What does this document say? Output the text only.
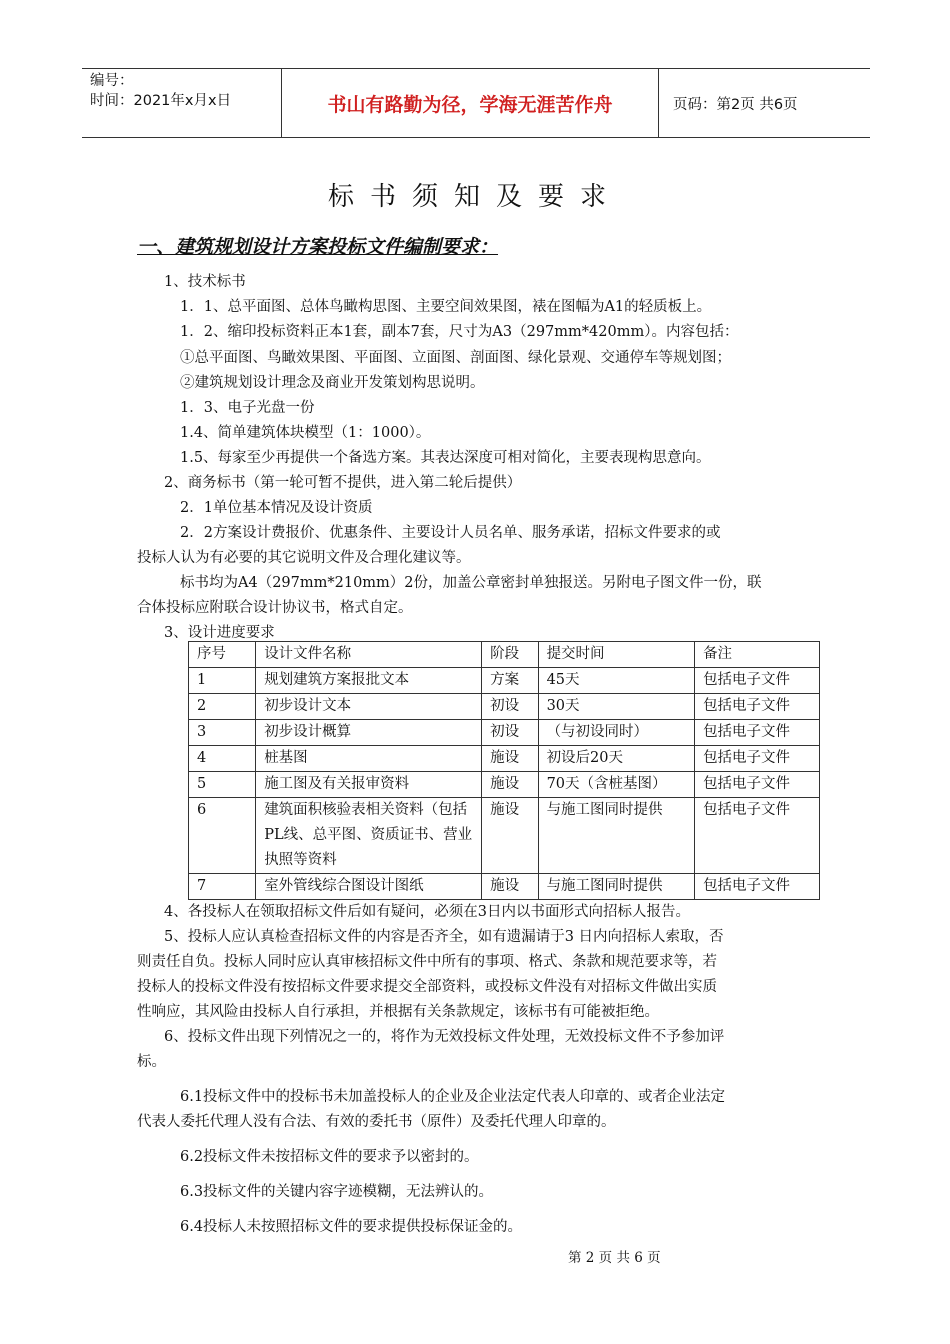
编号：
时间：2021年x月x日	书山有路勤为径，学海无涯苦作舟	页码：第2页 共6页
标书须知及要求
一、建筑规划设计方案投标文件编制要求：
1、技术标书
1．1、总平面图、总体鸟瞰构思图、主要空间效果图，裱在图幅为A1的轻质板上。
1．2、缩印投标资料正本1套，副本7套，尺寸为A3（297mm*420mm）。内容包括：
①总平面图、鸟瞰效果图、平面图、立面图、剖面图、绿化景观、交通停车等规划图；
②建筑规划设计理念及商业开发策划构思说明。
1．3、电子光盘一份
1.4、简单建筑体块模型（1：1000）。
1.5、每家至少再提供一个备选方案。其表达深度可相对简化，主要表现构思意向。
2、商务标书（第一轮可暂不提供，进入第二轮后提供）
2．1单位基本情况及设计资质
2．2方案设计费报价、优惠条件、主要设计人员名单、服务承诺，招标文件要求的或
投标人认为有必要的其它说明文件及合理化建议等。
标书均为A4（297mm*210mm）2份，加盖公章密封单独报送。另附电子图文件一份，联
合体投标应附联合设计协议书，格式自定。
3、设计进度要求
序号	设计文件名称	阶段	提交时间	备注
1	规划建筑方案报批文本	方案	45天	包括电子文件
2	初步设计文本	初设	30天	包括电子文件
3	初步设计概算	初设	（与初设同时）	包括电子文件
4	桩基图	施设	初设后20天	包括电子文件
5	施工图及有关报审资料	施设	70天（含桩基图）	包括电子文件
6	建筑面积核验表相关资料（包括PL线、总平图、资质证书、营业执照等资料	施设	与施工图同时提供	包括电子文件
7	室外管线综合图设计图纸	施设	与施工图同时提供	包括电子文件
4、各投标人在领取招标文件后如有疑问，必须在3日内以书面形式向招标人报告。
5、投标人应认真检查招标文件的内容是否齐全，如有遗漏请于3 日内向招标人索取，否
则责任自负。投标人同时应认真审核招标文件中所有的事项、格式、条款和规范要求等，若
投标人的投标文件没有按招标文件要求提交全部资料，或投标文件没有对招标文件做出实质
性响应，其风险由投标人自行承担，并根据有关条款规定，该标书有可能被拒绝。
6、投标文件出现下列情况之一的，将作为无效投标文件处理，无效投标文件不予参加评
标。
6.1投标文件中的投标书未加盖投标人的企业及企业法定代表人印章的、或者企业法定
代表人委托代理人没有合法、有效的委托书（原件）及委托代理人印章的。
6.2投标文件未按招标文件的要求予以密封的。
6.3投标文件的关键内容字迹模糊，无法辨认的。
6.4投标人未按照招标文件的要求提供投标保证金的。
第 2 页 共 6 页
